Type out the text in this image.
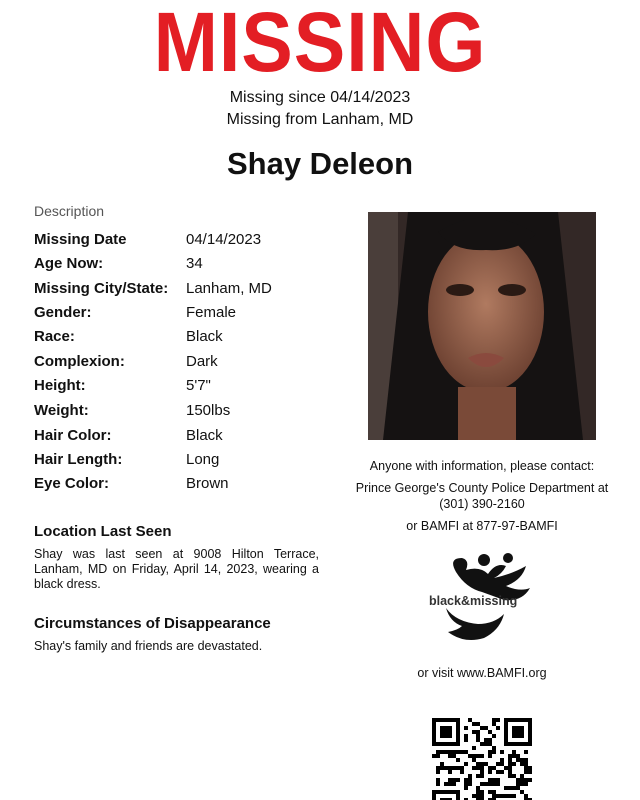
MISSING
Missing since 04/14/2023
Missing from Lanham, MD
Shay Deleon
Description
Missing Date	04/14/2023
Age Now:	34
Missing City/State: Lanham, MD
Gender:	Female
Race:	Black
Complexion:	Dark
Height:	5'7"
Weight:	150lbs
Hair Color:	Black
Hair Length:	Long
Eye Color:	Brown
Location Last Seen
Shay was last seen at 9008 Hilton Terrace, Lanham, MD on Friday, April 14, 2023, wearing a black dress.
Circumstances of Disappearance
Shay's family and friends are devastated.
Anyone with information, please contact:
Prince George's County Police Department at
(301) 390-2160
or BAMFI at 877-97-BAMFI
black&missing
or visit www.BAMFI.org
